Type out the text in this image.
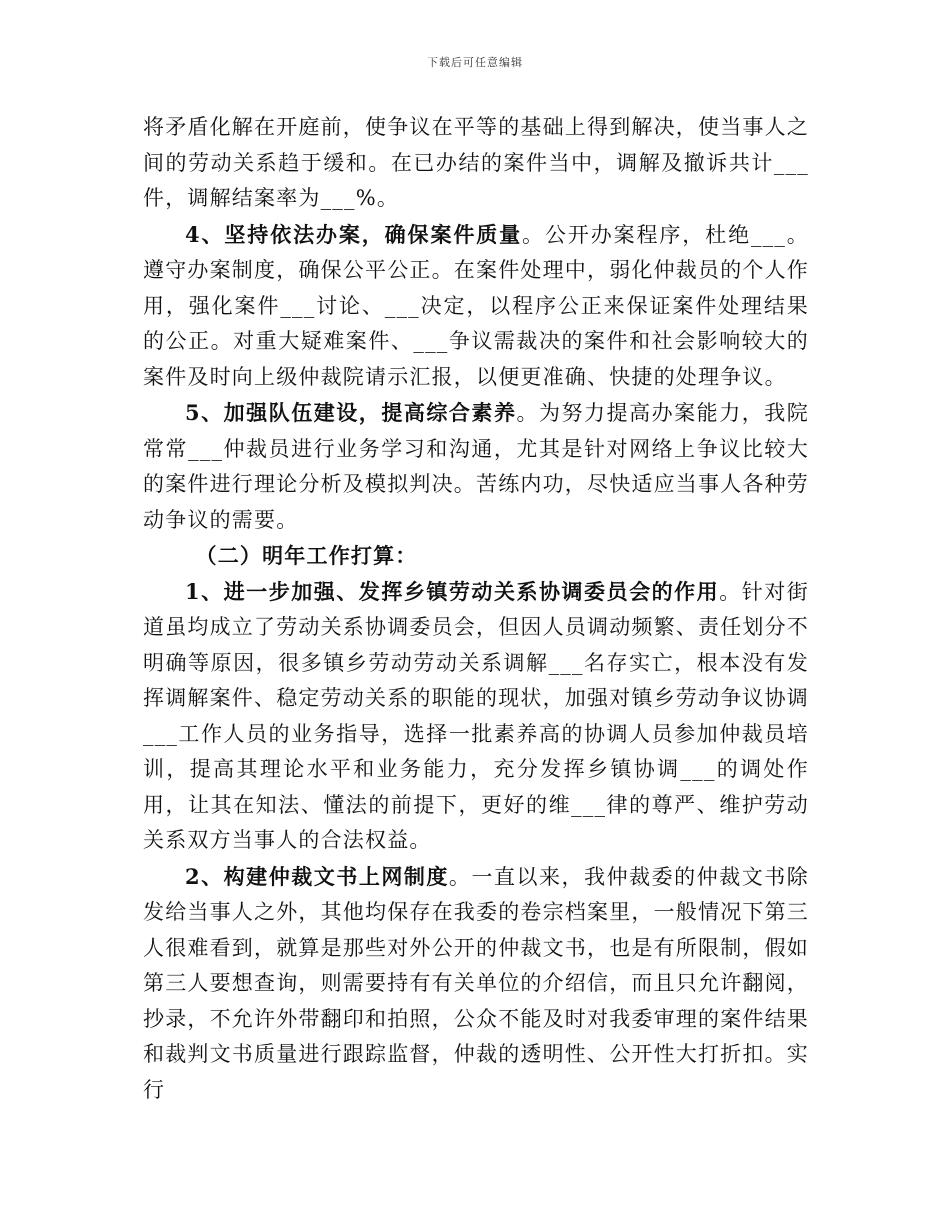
下载后可任意编辑

将矛盾化解在开庭前，使争议在平等的基础上得到解决，使当事人之间的劳动关系趋于缓和。在已办结的案件当中，调解及撤诉共计___件，调解结案率为___%。

4、坚持依法办案，确保案件质量。公开办案程序，杜绝___。遵守办案制度，确保公平公正。在案件处理中，弱化仲裁员的个人作用，强化案件___讨论、___决定，以程序公正来保证案件处理结果的公正。对重大疑难案件、___争议需裁决的案件和社会影响较大的案件及时向上级仲裁院请示汇报，以便更准确、快捷的处理争议。

5、加强队伍建设，提高综合素养。为努力提高办案能力，我院常常___仲裁员进行业务学习和沟通，尤其是针对网络上争议比较大的案件进行理论分析及模拟判决。苦练内功，尽快适应当事人各种劳动争议的需要。

（二）明年工作打算：

1、进一步加强、发挥乡镇劳动关系协调委员会的作用。针对街道虽均成立了劳动关系协调委员会，但因人员调动频繁、责任划分不明确等原因，很多镇乡劳动劳动关系调解___名存实亡，根本没有发挥调解案件、稳定劳动关系的职能的现状，加强对镇乡劳动争议协调___工作人员的业务指导，选择一批素养高的协调人员参加仲裁员培训，提高其理论水平和业务能力，充分发挥乡镇协调___的调处作用，让其在知法、懂法的前提下，更好的维___律的尊严、维护劳动关系双方当事人的合法权益。

2、构建仲裁文书上网制度。一直以来，我仲裁委的仲裁文书除发给当事人之外，其他均保存在我委的卷宗档案里，一般情况下第三人很难看到，就算是那些对外公开的仲裁文书，也是有所限制，假如第三人要想查询，则需要持有有关单位的介绍信，而且只允许翻阅，抄录，不允许外带翻印和拍照，公众不能及时对我委审理的案件结果和裁判文书质量进行跟踪监督，仲裁的透明性、公开性大打折扣。实行
